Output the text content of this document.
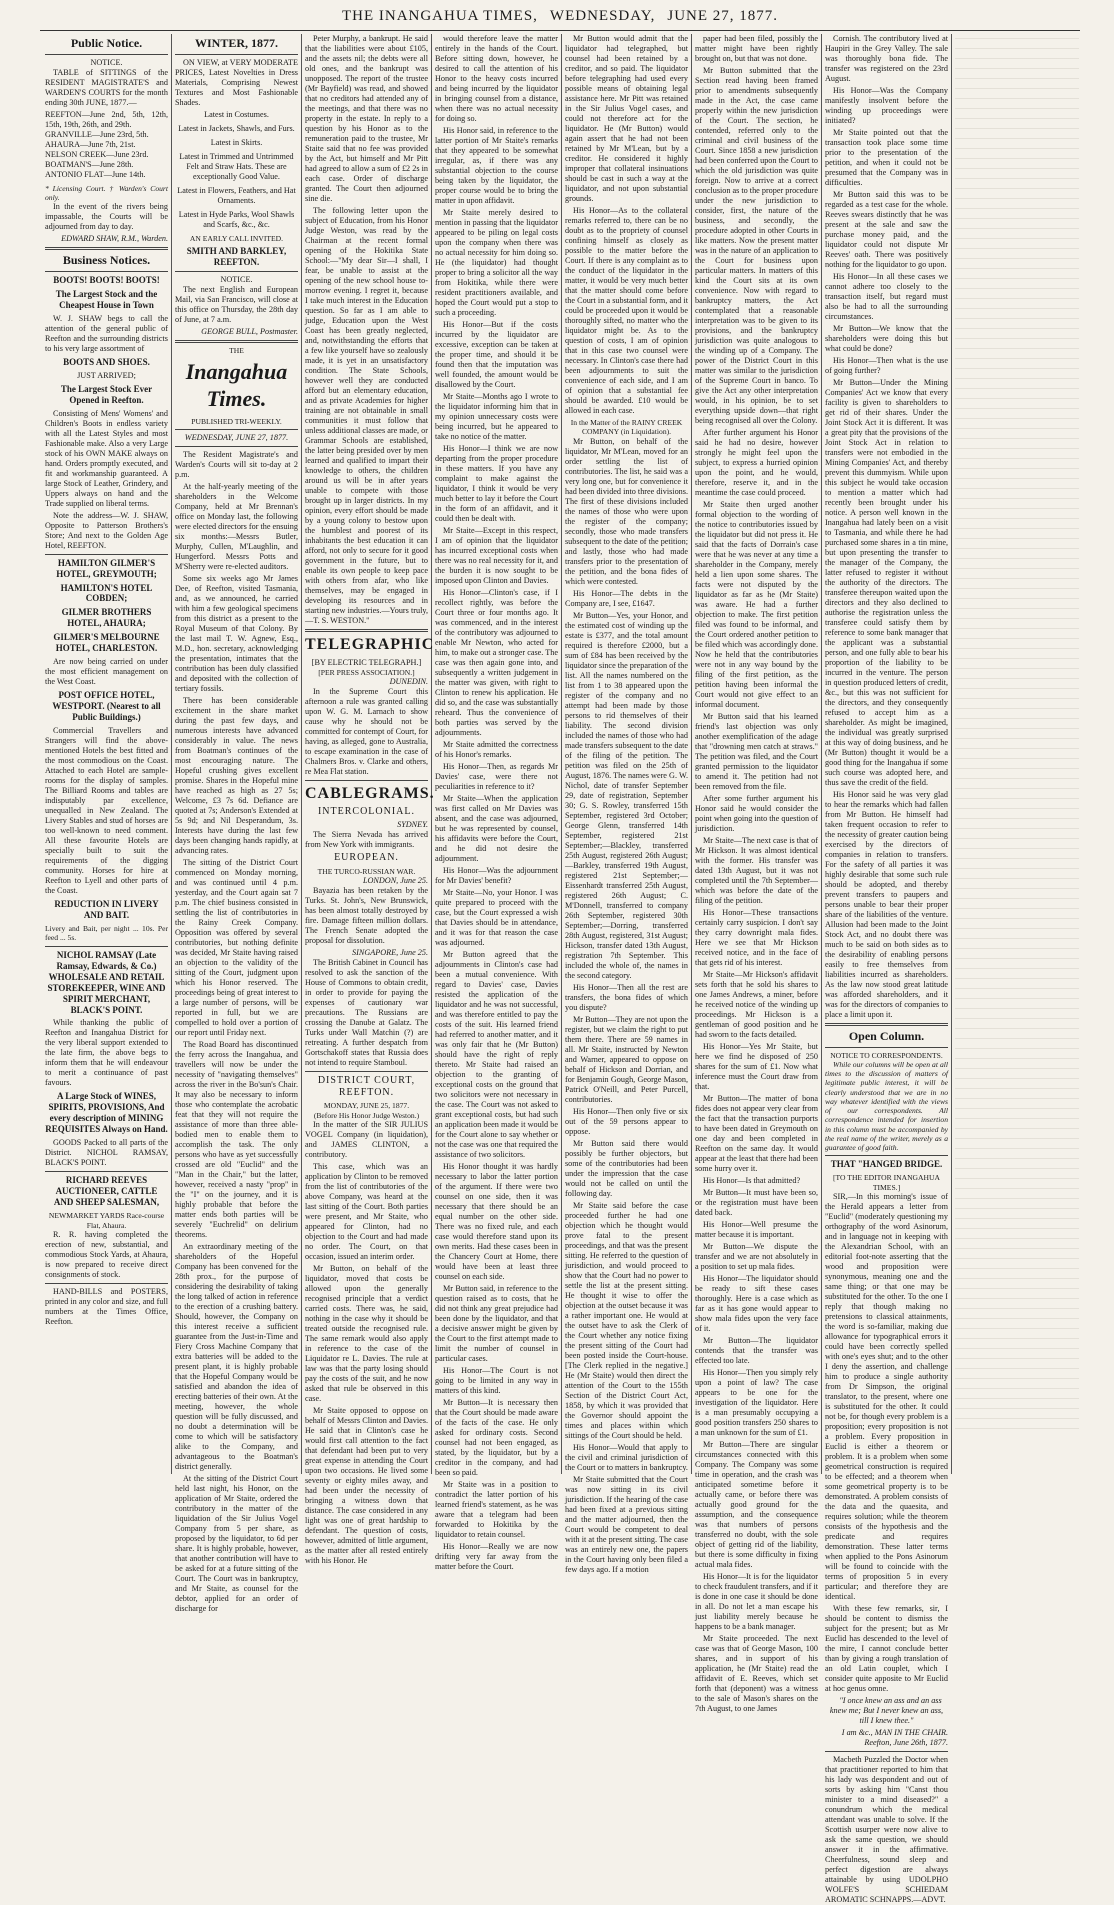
THE INANGAHUA TIMES, WEDNESDAY, JUNE 27, 1877.
Public Notice.
NOTICE.

TABLE of SITTINGS of the RESIDENT MAGISTRATE'S and WARDEN'S COURTS for the month ending 30th JUNE, 1877.—

REEFTON—June 2nd, 5th, 12th, 15th, 19th, 26th, and 29th.
GRANVILLE—June 23rd, 5th.
AHAURA—June 7th, 21st.
NELSON CREEK—June 23rd.
BOATMAN'S—June 28th.
ANTONIO FLAT—June 14th.
* Licensing Court. † Warden's Court only.

In the event of the rivers being impassable, the Courts will be adjourned from day to day.

EDWARD SHAW, R.M., Warden.
Business Notices.
BOOTS! BOOTS! BOOTS!
The Largest Stock and the Cheapest House in Town

W. J. SHAW begs to call the attention of the general public of Reefton and the surrounding districts to his very large assortment of

BOOTS AND SHOES.
JUST ARRIVED;
The Largest Stock Ever Opened in Reefton.

Consisting of Mens' Womens' and Children's Boots in endless variety with all the Latest Styles and most Fashionable make. Also a very Large stock of his OWN MAKE always on hand. Orders promptly executed, and fit and workmanship guaranteed. A large Stock of Leather, Grindery, and Uppers always on hand and the Trade supplied on liberal terms.

Note the address—W. J. SHAW, Opposite to Patterson Brothers's Store; And next to the Golden Age Hotel, REEFTON.

HAMILTON GILMER'S HOTEL, GREYMOUTH;
HAMILTON'S HOTEL COBDEN;
GILMER BROTHERS HOTEL, AHAURA;
GILMER'S MELBOURNE HOTEL, CHARLESTON.

Are now being carried on under the most efficient management on the West Coast.

POST OFFICE HOTEL, WESTPORT. (Nearest to all Public Buildings.)

Commercial Travellers and Strangers will find the above-mentioned Hotels the best fitted and the most commodious on the Coast. Attached to each Hotel are sample-rooms for the display of samples. The Billiard Rooms and tables are indisputably par excellence, unequalled in New Zealand. The Livery Stables and stud of horses are too well-known to need comment. All these favourite Hotels are specially built to suit the requirements of the digging community. Horses for hire at Reefton to Lyell and other parts of the Coast.

REDUCTION IN LIVERY AND BAIT.
Livery and Bait, per night ... 10s. Per feed ... 5s.
NICHOL RAMSAY (Late Ramsay, Edwards, & Co.) WHOLESALE AND RETAIL STOREKEEPER, WINE AND SPIRIT MERCHANT, BLACK'S POINT.

While thanking the public of Reefton and Inangahua District for the very liberal support extended to the late firm, the above begs to inform them that he will endeavour to merit a continuance of past favours.

A Large Stock of WINES, SPIRITS, PROVISIONS, And every description of MINING REQUISITES Always on Hand.

GOODS Packed to all parts of the District. NICHOL RAMSAY, BLACK'S POINT.

RICHARD REEVES AUCTIONEER, CATTLE AND SHEEP SALESMAN,
NEWMARKET YARDS Race-course Flat, Ahaura.

R. R. having completed the erection of new, substantial, and commodious Stock Yards, at Ahaura, is now prepared to receive direct consignments of stock.

HAND-BILLS and POSTERS, printed in any color and size, and full numbers at the Times Office, Reefton.

WINTER, 1877.

ON VIEW, at VERY MODERATE PRICES, Latest Novelties in Dress Materials, Comprising Newest Textures and Most Fashionable Shades.

Latest in Costumes.
Latest in Jackets, Shawls, and Furs.
Latest in Skirts.
Latest in Trimmed and Untrimmed Felt and Straw Hats. These are exceptionally Good Value.
Latest in Flowers, Feathers, and Hat Ornaments.
Latest in Hyde Parks, Wool Shawls and Scarfs, &c., &c.
AN EARLY CALL INVITED.
SMITH AND BARKLEY, REEFTON.
NOTICE.

The next English and European Mail, via San Francisco, will close at this office on Thursday, the 28th day of June, at 7 a.m.

GEORGE BULL, Postmaster.
THE
Inangahua Times.
PUBLISHED TRI-WEEKLY.
WEDNESDAY, JUNE 27, 1877.

The Resident Magistrate's and Warden's Courts will sit to-day at 2 p.m.

At the half-yearly meeting of the shareholders in the Welcome Company, held at Mr Brennan's office on Monday last, the following were elected directors for the ensuing six months:—Messrs Butler, Murphy, Cullen, M'Laughlin, and Hungerford. Messrs Potts and M'Sherry were re-elected auditors.

Some six weeks ago Mr James Dee, of Reefton, visited Tasmania, and, as we announced, he carried with him a few geological specimens from this district as a present to the Royal Museum of that Colony. By the last mail T. W. Agnew, Esq., M.D., hon. secretary, acknowledging the presentation, intimates that the contribution has been duly classified and deposited with the collection of tertiary fossils.

There has been considerable excitement in the share market during the past few days, and numerous interests have advanced considerably in value. The news from Boatman's continues of the most encouraging nature. The Hopeful crushing gives excellent promise. Shares in the Hopeful mine have reached as high as 27 5s; Welcome, £3 7s 6d. Defiance are quoted at 7s; Anderson's Extended at 5s 9d; and Nil Desperandum, 3s. Interests have during the last few days been changing hands rapidly, at advancing rates.

The sitting of the District Court commenced on Monday morning, and was continued until 4 p.m. yesterday, and the Court again sat 7 p.m. The chief business consisted in settling the list of contributories in the Rainy Creek Company. Opposition was offered by several contributories, but nothing definite was decided, Mr Staite having raised an objection to the validity of the sitting of the Court, judgment upon which his Honor reserved. The proceedings being of great interest to a large number of persons, will be reported in full, but we are compelled to hold over a portion of our report until Friday next.

The Road Board has discontinued the ferry across the Inangahua, and travellers will now be under the necessity of "navigating themselves" across the river in the Bo'sun's Chair. It may also be necessary to inform those who contemplate the acrobatic feat that they will not require the assistance of more than three able-bodied men to enable them to accomplish the task. The only persons who have as yet successfully crossed are old "Euclid" and the "Man in the Chair," but the latter, however, received a nasty "prop" in the "I" on the journey, and it is highly probable that before the matter ends both parties will be severely "Euchrelid" on delirium theorems.

An extraordinary meeting of the shareholders of the Hopeful Company has been convened for the 28th prox., for the purpose of considering the desirability of taking the long talked of action in reference to the erection of a crushing battery. Should, however, the Company on this interest receive a sufficient guarantee from the Just-in-Time and Fiery Cross Machine Company that extra batteries will be added to the present plant, it is highly probable that the Hopeful Company would be satisfied and abandon the idea of erecting batteries of their own. At the meeting, however, the whole question will be fully discussed, and no doubt a determination will be come to which will be satisfactory alike to the Company, and advantageous to the Boatman's district generally.

At the sitting of the District Court held last night, his Honor, on the application of Mr Staite, ordered the contributory in the matter of the liquidation of the Sir Julius Vogel Company from 5 per share, as proposed by the liquidator, to 6d per share. It is highly probable, however, that another contribution will have to be asked for at a future sitting of the Court. The Court was in bankruptcy, and Mr Staite, as counsel for the debtor, applied for an order of discharge for

Peter Murphy, a bankrupt. He said that the liabilities were about £105, and the assets nil; the debts were all old ones, and the bankrupt was unopposed. The report of the trustee (Mr Bayfield) was read, and showed that no creditors had attended any of the meetings, and that there was no property in the estate. In reply to a question by his Honor as to the remuneration paid to the trustee, Mr Staite said that no fee was provided by the Act, but himself and Mr Pitt had agreed to allow a sum of £2 2s in each case. Order of discharge granted. The Court then adjourned sine die.

The following letter upon the subject of Education, from his Honor Judge Weston, was read by the Chairman at the recent formal opening of the Hokitika State School:—"My dear Sir—I shall, I fear, be unable to assist at the opening of the new school house to-morrow evening. I regret it, because I take much interest in the Education question. So far as I am able to judge, Education upon the West Coast has been greatly neglected, and, notwithstanding the efforts that a few like yourself have so zealously made, it is yet in an unsatisfactory condition. The State Schools, however well they are conducted afford but an elementary education, and as private Academies for higher training are not obtainable in small communities it must follow that unless additional classes are made, or Grammar Schools are established, the latter being presided over by men learned and qualified to impart their knowledge to others, the children around us will be in after years unable to compete with those brought up in larger districts. In my opinion, every effort should be made by a young colony to bestow upon the humblest and poorest of its inhabitants the best education it can afford, not only to secure for it good government in the future, but to enable its own people to keep pace with others from afar, who like themselves, may be engaged in developing its resources and in starting new industries.—Yours truly,—T. S. WESTON."

TELEGRAPHIC
[BY ELECTRIC TELEGRAPH.]
[PER PRESS ASSOCIATION.]
DUNEDIN.

In the Supreme Court this afternoon a rule was granted calling upon W. G. M. Larnach to show cause why he should not be committed for contempt of Court, for having, as alleged, gone to Australia, to escape examination in the case of Chalmers Bros. v. Clarke and others, re Mea Flat station.

CABLEGRAMS.
INTERCOLONIAL.
SYDNEY.

The Sierra Nevada has arrived from New York with immigrants.

EUROPEAN.
THE TURCO-RUSSIAN WAR.
LONDON, June 25.

Bayazia has been retaken by the Turks. St. John's, New Brunswick, has been almost totally destroyed by fire. Damage fifteen million dollars. The French Senate adopted the proposal for dissolution.

SINGAPORE, June 25.

The British Cabinet in Council has resolved to ask the sanction of the House of Commons to obtain credit, in order to provide for paying the expenses of cautionary war precautions. The Russians are crossing the Danube at Galatz. The Turks under Wall Matchin (?) are retreating. A further despatch from Gortschakoff states that Russia does not intend to require Stamboul.

DISTRICT COURT, REEFTON.
MONDAY, JUNE 25, 1877.
(Before His Honor Judge Weston.)

In the matter of the SIR JULIUS VOGEL Company (in liquidation), and JAMES CLINTON, a contributory.

This case, which was an application by Clinton to be removed from the list of contributories of the above Company, was heard at the last sitting of the Court. Both parties were present, and Mr Staite, who appeared for Clinton, had no objection to the Court and had made no order. The Court, on that occasion, issued an interim order.

Mr Button, on behalf of the liquidator, moved that costs be allowed upon the generally recognised principle that a verdict carried costs. There was, he said, nothing in the case why it should be treated outside the recognised rule. The same remark would also apply in reference to the case of the Liquidator re L. Davies. The rule at law was that the party losing should pay the costs of the suit, and he now asked that rule be observed in this case.

Mr Staite opposed to oppose on behalf of Messrs Clinton and Davies. He said that in Clinton's case he would first call attention to the fact that defendant had been put to very great expense in attending the Court upon two occasions. He lived some seventy or eighty miles away, and had been under the necessity of bringing a witness down that distance. The case considered in any light was one of great hardship to defendant. The question of costs, however, admitted of little argument, as the matter after all rested entirely with his Honor. He

would therefore leave the matter entirely in the hands of the Court. Before sitting down, however, he desired to call the attention of his Honor to the heavy costs incurred and being incurred by the liquidator in bringing counsel from a distance, when there was no actual necessity for doing so.

His Honor said, in reference to the latter portion of Mr Staite's remarks that they appeared to be somewhat irregular, as, if there was any substantial objection to the course being taken by the liquidator, the proper course would be to bring the matter in upon affidavit.

Mr Staite merely desired to mention in passing that the liquidator appeared to be piling on legal costs upon the company when there was no actual necessity for him doing so. He (the liquidator) had thought proper to bring a solicitor all the way from Hokitika, while there were resident practitioners available, and hoped the Court would put a stop to such a proceeding.

His Honor—But if the costs incurred by the liquidator are excessive, exception can be taken at the proper time, and should it be found then that the imputation was well founded, the amount would be disallowed by the Court.

Mr Staite—Months ago I wrote to the liquidator informing him that in my opinion unnecessary costs were being incurred, but he appeared to take no notice of the matter.

His Honor—I think we are now departing from the proper procedure in these matters. If you have any complaint to make against the liquidator, I think it would be very much better to lay it before the Court in the form of an affidavit, and it could then be dealt with.

Mr Staite—Except in this respect, I am of opinion that the liquidator has incurred exceptional costs when there was no real necessity for it, and the burden it is now sought to be imposed upon Clinton and Davies.

His Honor—Clinton's case, if I recollect rightly, was before the Court three or four months ago. It was commenced, and in the interest of the contributory was adjourned to enable Mr Newton, who acted for him, to make out a stronger case. The case was then again gone into, and subsequently a written judgement in the matter was given, with right to Clinton to renew his application. He did so, and the case was substantially reheard. Thus the convenience of both parties was served by the adjournments.

Mr Staite admitted the correctness of his Honor's remarks.

His Honor—Then, as regards Mr Davies' case, were there not peculiarities in reference to it?

Mr Staite—When the application was first called on Mr Davies was absent, and the case was adjourned, but he was represented by counsel, his affidavits were before the Court, and he did not desire the adjournment.

His Honor—Was the adjournment for Mr Davies' benefit?

Mr Staite—No, your Honor. I was quite prepared to proceed with the case, but the Court expressed a wish that Davies should be in attendance, and it was for that reason the case was adjourned.

Mr Button agreed that the adjournments in Clinton's case had been a mutual convenience. With regard to Davies' case, Davies resisted the application of the liquidator and he was not successful, and was therefore entitled to pay the costs of the suit. His learned friend had referred to another matter, and it was only fair that he (Mr Button) should have the right of reply thereto. Mr Staite had raised an objection to the granting of exceptional costs on the ground that two solicitors were not necessary in the case. The Court was not asked to grant exceptional costs, but had such an application been made it would be for the Court alone to say whether or not the case was one that required the assistance of two solicitors.

His Honor thought it was hardly necessary to labor the latter portion of the argument. If there were two counsel on one side, then it was necessary that there should be an equal number on the other side. There was no fixed rule, and each case would therefore stand upon its own merits. Had these cases been in the Chancery Court at Home, there would have been at least three counsel on each side.

Mr Button said, in reference to the question raised as to costs, that he did not think any great prejudice had been done by the liquidator, and that a decisive answer might be given by the Court to the first attempt made to limit the number of counsel in particular cases.

His Honor—The Court is not going to be limited in any way in matters of this kind.

Mr Button—It is necessary then that the Court should be made aware of the facts of the case. He only asked for ordinary costs. Second counsel had not been engaged, as stated, by the liquidator, but by a creditor in the company, and had been so paid.

Mr Staite was in a position to contradict the latter portion of his learned friend's statement, as he was aware that a telegram had been forwarded to Hokitika by the liquidator to retain counsel.

His Honor—Really we are now drifting very far away from the matter before the Court.

Mr Button would admit that the liquidator had telegraphed, but counsel had been retained by a creditor, and so paid. The liquidator before telegraphing had used every possible means of obtaining legal assistance here. Mr Pitt was retained in the Sir Julius Vogel cases, and could not therefore act for the liquidator. He (Mr Button) would again assert that he had not been retained by Mr M'Lean, but by a creditor. He considered it highly improper that collateral insinuations should be cast in such a way at the liquidator, and not upon substantial grounds.

His Honor—As to the collateral remarks referred to, there can be no doubt as to the propriety of counsel confining himself as closely as possible to the matter before the Court. If there is any complaint as to the conduct of the liquidator in the matter, it would be very much better that the matter should come before the Court in a substantial form, and it could be proceeded upon it would be thoroughly sifted, no matter who the liquidator might be. As to the question of costs, I am of opinion that in this case two counsel were necessary. In Clinton's case there had been adjournments to suit the convenience of each side, and I am of opinion that a substantial fee should be awarded. £10 would be allowed in each case.

In the Matter of the RAINY CREEK COMPANY (in Liquidation).

Mr Button, on behalf of the liquidator, Mr M'Lean, moved for an order settling the list of contributories. The list, he said was a very long one, but for convenience it had been divided into three divisions. The first of these divisions included the names of those who were upon the register of the company; secondly, those who made transfers subsequent to the date of the petition; and lastly, those who had made transfers prior to the presentation of the petition, and the bona fides of which were contested.

His Honor—The debts in the Company are, I see, £1647.

Mr Button—Yes, your Honor, and the estimated cost of winding up the estate is £377, and the total amount required is therefore £2000, but a sum of £84 has been received by the liquidator since the preparation of the list. All the names numbered on the list from 1 to 38 appeared upon the register of the company and no attempt had been made by those persons to rid themselves of their liability. The second division included the names of those who had made transfers subsequent to the date of the filing of the petition. The petition was filed on the 25th of August, 1876. The names were G. W. Nichol, date of transfer September 29, date of registration, September 30; G. S. Rowley, transferred 15th September, registered 3rd October; George Glenn, transferred 14th September, registered 21st September;—Blackley, transferred 25th August, registered 26th August;—Barkley, transferred 19th August, registered 21st September;—Eissenhardt transferred 25th August, registered 26th August; C. M'Donnell, transferred to company 26th September, registered 30th September;—Dorring, transferred 28th August, registered, 31st August; Hickson, transfer dated 13th August, registration 7th September. This included the whole of, the names in the second category.

His Honor—Then all the rest are transfers, the bona fides of which you dispute?

Mr Button—They are not upon the register, but we claim the right to put them there. There are 59 names in all. Mr Staite, instructed by Newton and Warner, appeared to oppose on behalf of Hickson and Dorrian, and for Benjamin Gough, George Mason, Patrick O'Neill, and Peter Purcell, contributories.

His Honor—Then only five or six out of the 59 persons appear to oppose.

Mr Button said there would possibly be further objectors, but some of the contributories had been under the impression that the case would not be called on until the following day.

Mr Staite said before the case proceeded further he had one objection which he thought would prove fatal to the present proceedings, and that was the present sitting. He referred to the question of jurisdiction, and would proceed to show that the Court had no power to settle the list at the present sitting. He thought it wise to offer the objection at the outset because it was a rather important one. He would at the outset have to ask the Clerk of the Court whether any notice fixing the present sitting of the Court had been posted inside the Court-house. [The Clerk replied in the negative.] He (Mr Staite) would then direct the attention of the Court to the 155th Section of the District Court Act, 1858, by which it was provided that the Governor should appoint the times and places within which sittings of the Court should be held.

His Honor—Would that apply to the civil and criminal jurisdiction of the Court or to matters in bankruptcy.

Mr Staite submitted that the Court was now sitting in its civil jurisdiction. If the hearing of the case had been fixed at a previous sitting and the matter adjourned, then the Court would be competent to deal with it at the present sitting. The case was an entirely new one, the papers in the Court having only been filed a few days ago. If a motion

paper had been filed, possibly the matter might have been rightly brought on, but that was not done.

Mr Button submitted that the Section read having been framed prior to amendments subsequently made in the Act, the case came properly within the new jurisdiction of the Court. The section, he contended, referred only to the criminal and civil business of the Court. Since 1858 a new jurisdiction had been conferred upon the Court to which the old jurisdiction was quite foreign. Now to arrive at a correct conclusion as to the proper procedure under the new jurisdiction to consider, first, the nature of the business, and secondly, the procedure adopted in other Courts in like matters. Now the present matter was in the nature of an application to the Court for business upon particular matters. In matters of this kind the Court sits at its own convenience. Now with regard to bankruptcy matters, the Act contemplated that a reasonable interpretation was to be given to its provisions, and the bankruptcy jurisdiction was quite analogous to the winding up of a Company. The power of the District Court in this matter was similar to the jurisdiction of the Supreme Court in banco. To give the Act any other interpretation would, in his opinion, be to set everything upside down—that right being recognised all over the Colony.

After further argument his Honor said he had no desire, however strongly he might feel upon the subject, to express a hurried opinion upon the point, and he would, therefore, reserve it, and in the meantime the case could proceed.

Mr Staite then urged another formal objection to the wording of the notice to contributories issued by the liquidator but did not press it. He said that the facts of Dorrain's case were that he was never at any time a shareholder in the Company, merely held a lien upon some shares. The facts were not disputed by the liquidator as far as he (Mr Staite) was aware. He had a further objection to make. The first petition filed was found to be informal, and the Court ordered another petition to be filed which was accordingly done. Now he held that the contributories were not in any way bound by the filing of the first petition, as the petition having been informal the Court would not give effect to an informal document.

Mr Button said that his learned friend's last objection was only another exemplification of the adage that "drowning men catch at straws." The petition was filed, and the Court granted permission to the liquidator to amend it. The petition had not been removed from the file.

After some further argument his Honor said he would consider the point when going into the question of jurisdiction.

Mr Staite—The next case is that of Mr Hickson. It was almost identical with the former. His transfer was dated 13th August, but it was not completed until the 7th September—which was before the date of the filing of the petition.

His Honor—These transactions certainly carry suspicion. I don't say they carry downright mala fides. Here we see that Mr Hickson received notice, and in the face of that gets rid of his interest.

Mr Staite—Mr Hickson's affidavit sets forth that he sold his shares to one James Andrews, a miner, before he received notice of the winding up proceedings. Mr Hickson is a gentleman of good position and he had sworn to the facts detailed.

His Honor—Yes Mr Staite, but here we find he disposed of 250 shares for the sum of £1. Now what inference must the Court draw from that.

Mr Button—The matter of bona fides does not appear very clear from the fact that the transaction purports to have been dated in Greymouth on one day and been completed in Reefton on the same day. It would appear at the least that there had been some hurry over it.

His Honor—Is that admitted?

Mr Button—It must have been so, or the registration must have been dated back.

His Honor—Well presume the matter because it is important.

Mr Button—We dispute the transfer and we are not absolutely in a position to set up mala fides.

His Honor—The liquidator should be ready to sift these cases thoroughly. Here is a case which as far as it has gone would appear to show mala fides upon the very face of it.

Mr Button—The liquidator contends that the transfer was effected too late.

His Honor—Then you simply rely upon a point of law? The case appears to be one for the investigation of the liquidator. Here is a man presumably occupying a good position transfers 250 shares to a man unknown for the sum of £1.

Mr Button—There are singular circumstances connected with this Company. The Company was some time in operation, and the crash was anticipated sometime before it actually came, or before there was actually good ground for the assumption, and the consequence was that numbers of persons transferred no doubt, with the sole object of getting rid of the liability, but there is some difficulty in fixing actual mala fides.

His Honor—It is for the liquidator to check fraudulent transfers, and if it is done in one case it should be done in all. Do not let a man escape his just liability merely because he happens to be a bank manager.

Mr Staite proceeded. The next case was that of George Mason, 100 shares, and in support of his application, he (Mr Staite) read the affidavit of E. Reeves, which set forth that (deponent) was a witness to the sale of Mason's shares on the 7th August, to one James

Cornish. The contributory lived at Haupiri in the Grey Valley. The sale was thoroughly bona fide. The transfer was registered on the 23rd August.

His Honor—Was the Company manifestly insolvent before the winding up proceedings were initiated?

Mr Staite pointed out that the transaction took place some time prior to the presentation of the petition, and when it could not be presumed that the Company was in difficulties.

Mr Button said this was to be regarded as a test case for the whole. Reeves swears distinctly that he was present at the sale and saw the purchase money paid, and the liquidator could not dispute Mr Reeves' oath. There was positively nothing for the liquidator to go upon.

His Honor—In all these cases we cannot adhere too closely to the transaction itself, but regard must also be had to all the surrounding circumstances.

Mr Button—We know that the shareholders were doing this but what could be done?

His Honor—Then what is the use of going further?

Mr Button—Under the Mining Companies' Act we know that every facility is given to shareholders to get rid of their shares. Under the Joint Stock Act it is different. It was a great pity that the provisions of the Joint Stock Act in relation to transfers were not embodied in the Mining Companies' Act, and thereby prevent this dummyism. While upon this subject he would take occasion to mention a matter which had recently been brought under his notice. A person well known in the Inangahua had lately been on a visit to Tasmania, and while there he had purchased some shares in a tin mine, but upon presenting the transfer to the manager of the Company, the latter refused to register it without the authority of the directors. The transferee thereupon waited upon the directors and they also declined to authorise the registration unless the transferee could satisfy them by reference to some bank manager that the applicant was a substantial person, and one fully able to bear his proportion of the liability to be incurred in the venture. The person in question produced letters of credit, &c., but this was not sufficient for the directors, and they consequently refused to accept him as a shareholder. As might be imagined, the individual was greatly surprised at this way of doing business, and he (Mr Button) thought it would be a good thing for the Inangahua if some such course was adopted here, and thus save the credit of the field.

His Honor said he was very glad to hear the remarks which had fallen from Mr Button. He himself had taken frequent occasion to refer to the necessity of greater caution being exercised by the directors of companies in relation to transfers. For the safety of all parties it was highly desirable that some such rule should be adopted, and thereby prevent transfers to paupers and persons unable to bear their proper share of the liabilities of the venture. Allusion had been made to the Joint Stock Act, and no doubt there was much to be said on both sides as to the desirability of enabling persons easily to free themselves from liabilities incurred as shareholders. As the law now stood great latitude was afforded shareholders, and it was for the directors of companies to place a limit upon it.

Open Column.
NOTICE TO CORRESPONDENTS.

While our columns will be open at all times to the discussion of matters of legitimate public interest, it will be clearly understood that we are in no way whatever identified with the views of our correspondents. All correspondence intended for insertion in this column must be accompanied by the real name of the writer, merely as a guarantee of good faith.

THAT "HANGED BRIDGE.
[TO THE EDITOR INANGAHUA TIMES.]

SIR,—In this morning's issue of the Herald appears a letter from "Euclid" (moderately questioning my orthography of the word Asinorum, and in language not in keeping with the Alexandrian School, with an editorial foot-note asserting that the wood and proposition were synonymous, meaning one and the same thing; or that one may be substituted for the other. To the one I reply that though making no pretensions to classical attainments, the word is so-familiar, making due allowance for typographical errors it could have been correctly spelled with one's eyes shut; and to the other I deny the assertion, and challenge him to produce a single authority from Dr Simpson, the original translator, to the present, where one is substituted for the other. It could not be, for though every problem is a proposition; every proposition is not a problem. Every proposition in Euclid is either a theorem or problem. It is a problem when some geometrical construction is required to be effected; and a theorem when some geometrical property is to be demonstrated. A problem consists of the data and the quaesita, and requires solution; while the theorem consists of the hypothesis and the predicate and requires demonstration. These latter terms when applied to the Pons Asinorum will be found to coincide with the terms of proposition 5 in every particular; and therefore they are identical.

With these few remarks, sir, I should be content to dismiss the subject for the present; but as Mr Euclid has descended to the level of the mire, I cannot conclude better than by giving a rough translation of an old Latin couplet, which I consider quite apposite to Mr Euclid at hoc genus omne.

"I once knew an ass and an ass knew me; But I never knew an ass, till I knew thee."

I am &c., MAN IN THE CHAIR. Reefton, June 26th, 1877.

Macbeth Puzzled the Doctor when that practitioner reported to him that his lady was despondent and out of sorts by asking him "Canst thou minister to a mind diseased?" a conundrum which the medical attendant was unable to solve. If the Scottish usurper were now alive to ask the same question, we should answer it in the affirmative. Cheerfulness, sound sleep and perfect digestion are always attainable by using UDOLPHO WOLFE'S SCHIEDAM AROMATIC SCHNAPPS.—ADVT.
